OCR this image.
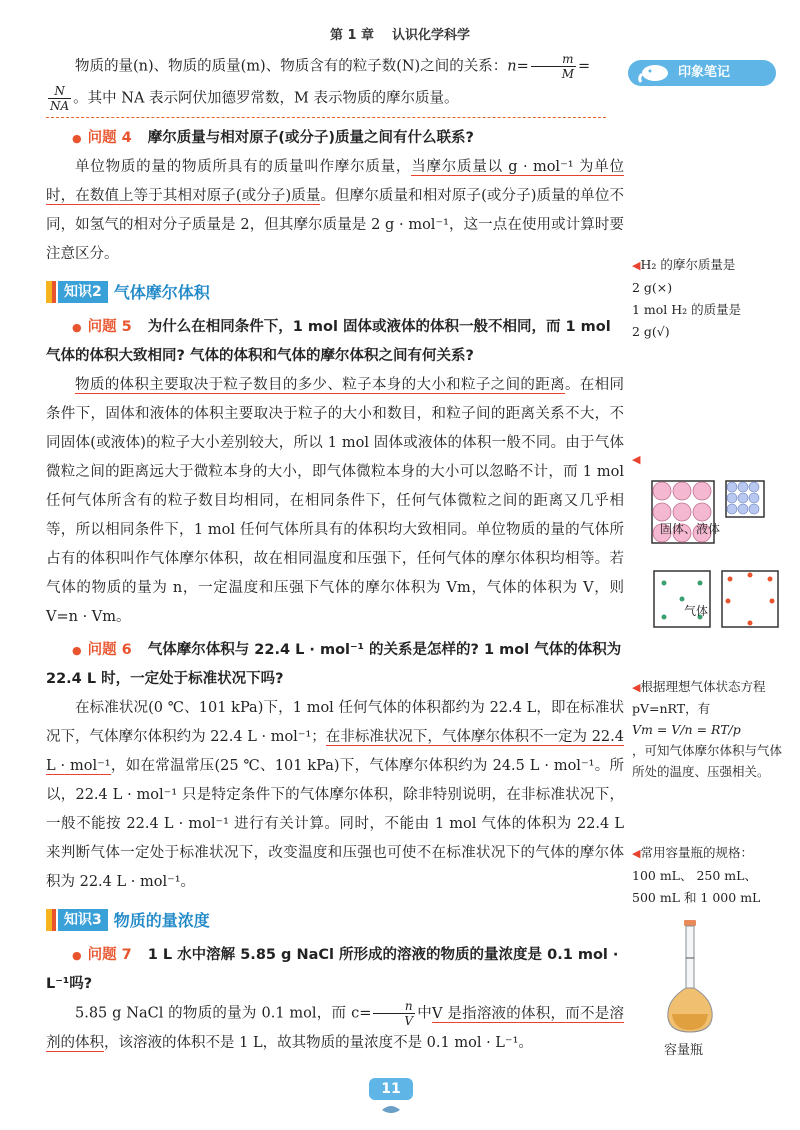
第 1 章 认识化学科学
印象笔记
物质的量(n)、物质的质量(m)、物质含有的粒子数(N)之间的关系：$n= \frac{m}{M}$ =
$\frac{N}{NA}$ 。其中 NA 表示阿伏加德罗常数，M 表示物质的摩尔质量。
● 问题 4 摩尔质量与相对原子(或分子)质量之间有什么联系?
单位物质的量的物质所具有的质量叫作摩尔质量，当摩尔质量以 g · mol⁻¹ 为单位时，在数值上等于其相对原子(或分子)质量。但摩尔质量和相对原子(或分子)质量的单位不同，如氢气的相对分子质量是 2，但其摩尔质量是 2 g · mol⁻¹，这一点在使用或计算时要注意区分。
知识2 气体摩尔体积
● 问题 5 为什么在相同条件下，1 mol 固体或液体的体积一般不相同，而 1 mol 气体的体积大致相同? 气体的体积和气体的摩尔体积之间有何关系?
物质的体积主要取决于粒子数目的多少、粒子本身的大小和粒子之间的距离。在相同条件下，固体和液体的体积主要取决于粒子的大小和数目，和粒子间的距离关系不大，不同固体(或液体)的粒子大小差别较大，所以 1 mol 固体或液体的体积一般不同。由于气体微粒之间的距离远大于微粒本身的大小，即气体微粒本身的大小可以忽略不计，而 1 mol 任何气体所含有的粒子数目均相同，在相同条件下，任何气体微粒之间的距离又几乎相等，所以相同条件下，1 mol 任何气体所具有的体积均大致相同。单位物质的量的气体所占有的体积叫作气体摩尔体积，故在相同温度和压强下，任何气体的摩尔体积均相等。若气体的物质的量为 n，一定温度和压强下气体的摩尔体积为 Vm，气体的体积为 V，则 V=n · Vm。
● 问题 6 气体摩尔体积与 22.4 L · mol⁻¹ 的关系是怎样的? 1 mol 气体的体积为 22.4 L 时，一定处于标准状况下吗?
在标准状况(0 ℃、101 kPa)下，1 mol 任何气体的体积都约为 22.4 L，即在标准状况下，气体摩尔体积约为 22.4 L · mol⁻¹；在非标准状况下，气体摩尔体积不一定为 22.4 L · mol⁻¹，如在常温常压(25 ℃、101 kPa)下，气体摩尔体积约为 24.5 L · mol⁻¹。所以，22.4 L · mol⁻¹ 只是特定条件下的气体摩尔体积，除非特别说明，在非标准状况下，一般不能按 22.4 L · mol⁻¹ 进行有关计算。同时，不能由 1 mol 气体的体积为 22.4 L 来判断气体一定处于标准状况下，改变温度和压强也可使不在标准状况下的气体的摩尔体积为 22.4 L · mol⁻¹。
知识3 物质的量浓度
● 问题 7 1 L 水中溶解 5.85 g NaCl 所形成的溶液的物质的量浓度是 0.1 mol · L⁻¹吗?
5.85 g NaCl 的物质的量为 0.1 mol，而 $c= \frac{n}{V}$ 中V 是指溶液的体积，而不是溶剂的体积，该溶液的体积不是 1 L，故其物质的量浓度不是 0.1 mol · L⁻¹。
◀H₂ 的摩尔质量是
2 g(×)
1 mol H₂ 的质量是
2 g(√)
◀
固体、液体
气体
◀根据理想气体状态方程 pV=nRT，有
Vm = V/n = RT/p
，可知气体摩尔体积与气体所处的温度、压强相关。
◀常用容量瓶的规格：
100 mL、 250 mL、
500 mL 和 1 000 mL
容量瓶
11
